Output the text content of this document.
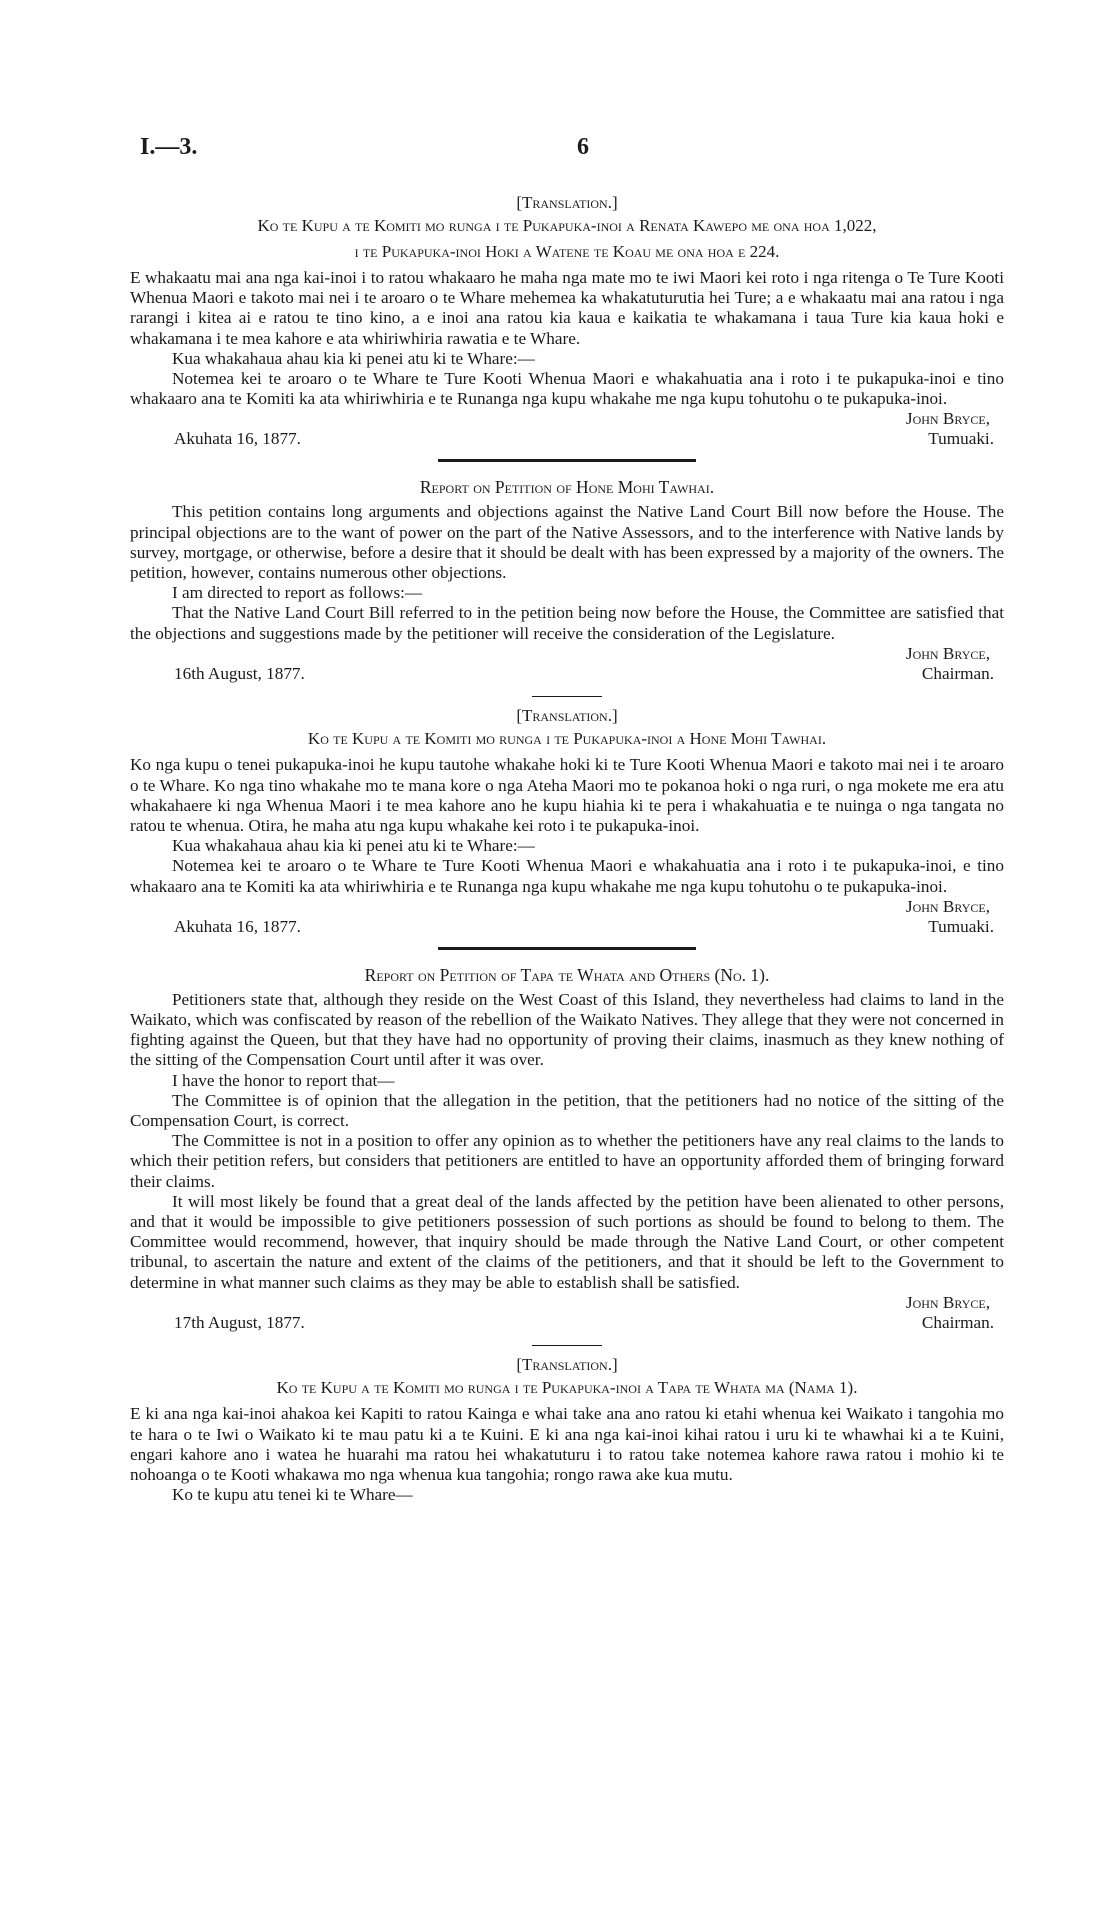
I.—3.	6
[Translation.]
Ko te Kupu a te Komiti mo runga i te Pukapuka-inoi a Renata Kawepo me ona hoa 1,022,
i te Pukapuka-inoi Hoki a Watene te Koau me ona hoa e 224.

E whakaatu mai ana nga kai-inoi i to ratou whakaaro he maha nga mate mo te iwi Maori kei roto i nga ritenga o Te Ture Kooti Whenua Maori e takoto mai nei i te aroaro o te Whare mehemea ka whakatuturutia hei Ture; a e whakaatu mai ana ratou i nga rarangi i kitea ai e ratou te tino kino, a e inoi ana ratou kia kaua e kaikatia te whakamana i taua Ture kia kaua hoki e whakamana i te mea kahore e ata whiriwhiria rawatia e te Whare.

Kua whakahaua ahau kia ki penei atu ki te Whare:—

Notemea kei te aroaro o te Whare te Ture Kooti Whenua Maori e whakahuatia ana i roto i te pukapuka-inoi e tino whakaaro ana te Komiti ka ata whiriwhiria e te Runanga nga kupu whakahe me nga kupu tohutohu o te pukapuka-inoi.

John Bryce,
Akuhata 16, 1877.	Tumuaki.
Report on Petition of Hone Mohi Tawhai.

This petition contains long arguments and objections against the Native Land Court Bill now before the House. The principal objections are to the want of power on the part of the Native Assessors, and to the interference with Native lands by survey, mortgage, or otherwise, before a desire that it should be dealt with has been expressed by a majority of the owners. The petition, however, contains numerous other objections.

I am directed to report as follows:—

That the Native Land Court Bill referred to in the petition being now before the House, the Committee are satisfied that the objections and suggestions made by the petitioner will receive the consideration of the Legislature.

John Bryce,
16th August, 1877.	Chairman.
[Translation.]
Ko te Kupu a te Komiti mo runga i te Pukapuka-inoi a Hone Mohi Tawhai.

Ko nga kupu o tenei pukapuka-inoi he kupu tautohe whakahe hoki ki te Ture Kooti Whenua Maori e takoto mai nei i te aroaro o te Whare. Ko nga tino whakahe mo te mana kore o nga Ateha Maori mo te pokanoa hoki o nga ruri, o nga mokete me era atu whakahaere ki nga Whenua Maori i te mea kahore ano he kupu hiahia ki te pera i whakahuatia e te nuinga o nga tangata no ratou te whenua. Otira, he maha atu nga kupu whakahe kei roto i te pukapuka-inoi.

Kua whakahaua ahau kia ki penei atu ki te Whare:—

Notemea kei te aroaro o te Whare te Ture Kooti Whenua Maori e whakahuatia ana i roto i te pukapuka-inoi, e tino whakaaro ana te Komiti ka ata whiriwhiria e te Runanga nga kupu whakahe me nga kupu tohutohu o te pukapuka-inoi.

John Bryce,
Akuhata 16, 1877.	Tumuaki.
Report on Petition of Tapa te Whata and Others (No. 1).

Petitioners state that, although they reside on the West Coast of this Island, they nevertheless had claims to land in the Waikato, which was confiscated by reason of the rebellion of the Waikato Natives. They allege that they were not concerned in fighting against the Queen, but that they have had no opportunity of proving their claims, inasmuch as they knew nothing of the sitting of the Compensation Court until after it was over.

I have the honor to report that—

The Committee is of opinion that the allegation in the petition, that the petitioners had no notice of the sitting of the Compensation Court, is correct.

The Committee is not in a position to offer any opinion as to whether the petitioners have any real claims to the lands to which their petition refers, but considers that petitioners are entitled to have an opportunity afforded them of bringing forward their claims.

It will most likely be found that a great deal of the lands affected by the petition have been alienated to other persons, and that it would be impossible to give petitioners possession of such portions as should be found to belong to them. The Committee would recommend, however, that inquiry should be made through the Native Land Court, or other competent tribunal, to ascertain the nature and extent of the claims of the petitioners, and that it should be left to the Government to determine in what manner such claims as they may be able to establish shall be satisfied.

John Bryce,
17th August, 1877.	Chairman.
[Translation.]
Ko te Kupu a te Komiti mo runga i te Pukapuka-inoi a Tapa te Whata ma (Nama 1).

E ki ana nga kai-inoi ahakoa kei Kapiti to ratou Kainga e whai take ana ano ratou ki etahi whenua kei Waikato i tangohia mo te hara o te Iwi o Waikato ki te mau patu ki a te Kuini. E ki ana nga kai-inoi kihai ratou i uru ki te whawhai ki a te Kuini, engari kahore ano i watea he huarahi ma ratou hei whakatuturu i to ratou take notemea kahore rawa ratou i mohio ki te nohoanga o te Kooti whakawa mo nga whenua kua tangohia; rongo rawa ake kua mutu.

Ko te kupu atu tenei ki te Whare—
